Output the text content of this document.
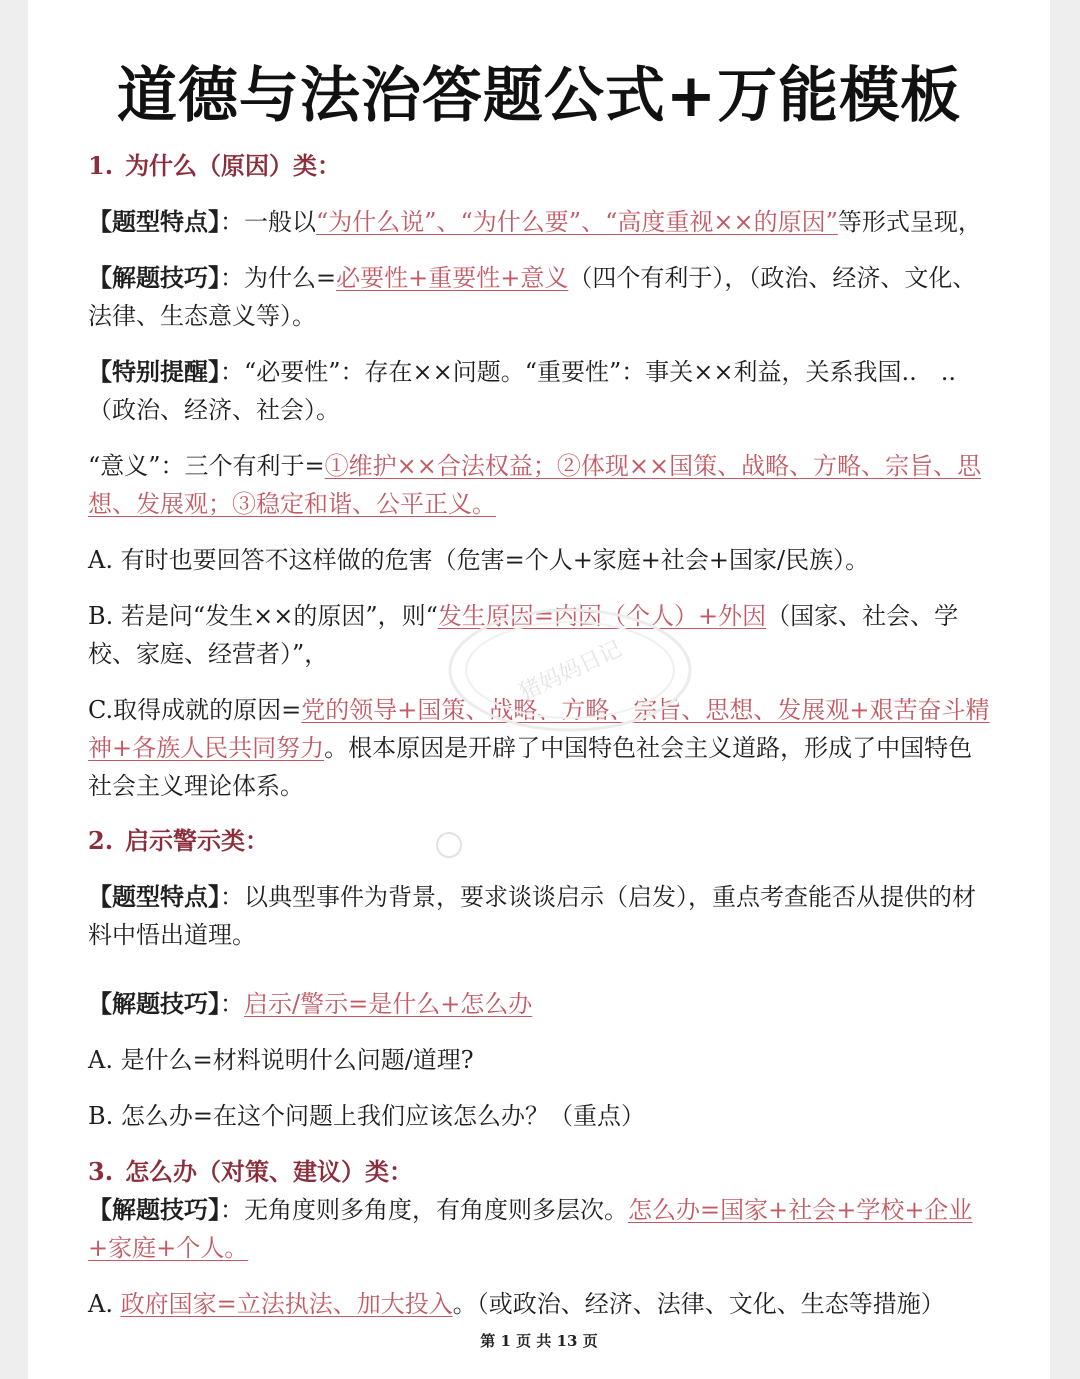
道德与法治答题公式+万能模板

1. 为什么（原因）类：

【题型特点】：一般以“为什么说”、“为什么要”、“高度重视××的原因”等形式呈现，

【解题技巧】：为什么=必要性+重要性+意义（四个有利于），（政治、经济、文化、法律、生态意义等）。

【特别提醒】：“必要性”：存在××问题。“重要性”：事关××利益，关系我国..　..（政治、经济、社会）。

“意义”：三个有利于=①维护××合法权益；②体现××国策、战略、方略、宗旨、思想、发展观；③稳定和谐、公平正义。

A. 有时也要回答不这样做的危害（危害=个人+家庭+社会+国家/民族）。

B. 若是问“发生××的原因”，则“发生原因=内因（个人）+外因（国家、社会、学校、家庭、经营者）”，

C.取得成就的原因=党的领导+国策、战略、方略、宗旨、思想、发展观+艰苦奋斗精神+各族人民共同努力。根本原因是开辟了中国特色社会主义道路，形成了中国特色社会主义理论体系。

2. 启示警示类：

【题型特点】：以典型事件为背景，要求谈谈启示（启发），重点考查能否从提供的材料中悟出道理。

【解题技巧】：启示/警示=是什么+怎么办

A. 是什么=材料说明什么问题/道理?

B. 怎么办=在这个问题上我们应该怎么办？（重点）

3. 怎么办（对策、建议）类：

【解题技巧】：无角度则多角度，有角度则多层次。怎么办=国家+社会+学校+企业+家庭+个人。

A. 政府国家=立法执法、加大投入。（或政治、经济、法律、文化、生态等措施）

第 1 页 共 13 页
猪妈妈日记
